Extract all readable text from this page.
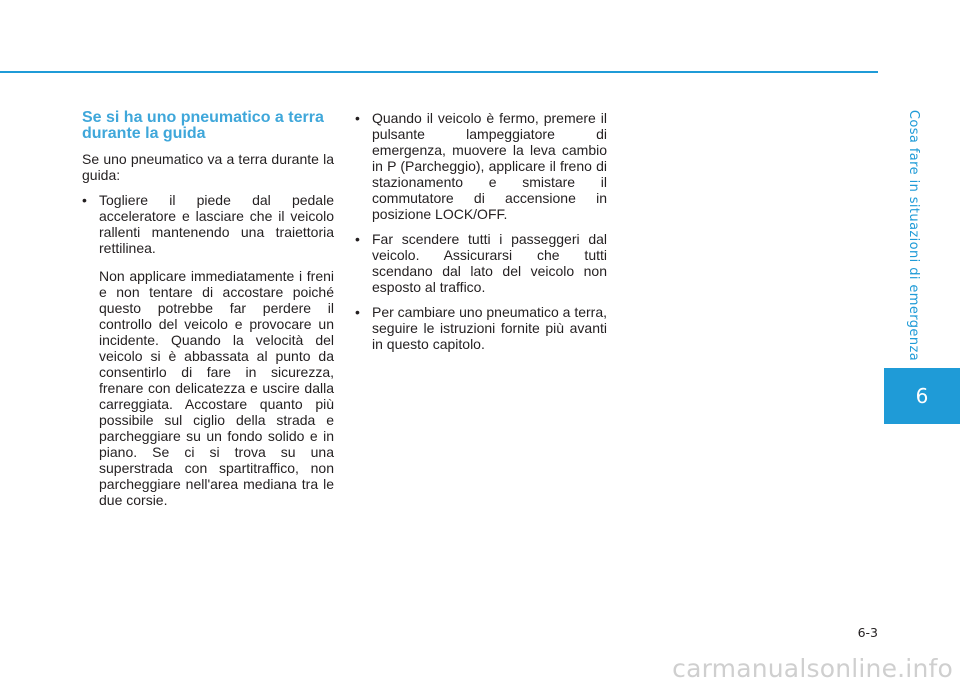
Cosa fare in situazioni di emergenza
6
Se si ha uno pneumatico a terra durante la guida

Se uno pneumatico va a terra durante la guida:

• Togliere il piede dal pedale acceleratore e lasciare che il veicolo rallenti mantenendo una traiettoria rettilinea.

Non applicare immediatamente i freni e non tentare di accostare poiché questo potrebbe far perdere il controllo del veicolo e provocare un incidente. Quando la velocità del veicolo si è abbassata al punto da consentirlo di fare in sicurezza, frenare con delicatezza e uscire dalla carreggiata. Accostare quanto più possibile sul ciglio della strada e parcheggiare su un fondo solido e in piano. Se ci si trova su una superstrada con spartitraffico, non parcheggiare nell'area mediana tra le due corsie.

• Quando il veicolo è fermo, premere il pulsante lampeggiatore di emergenza, muovere la leva cambio in P (Parcheggio), applicare il freno di stazionamento e smistare il commutatore di accensione in posizione LOCK/OFF.

• Far scendere tutti i passeggeri dal veicolo. Assicurarsi che tutti scendano dal lato del veicolo non esposto al traffico.

• Per cambiare uno pneumatico a terra, seguire le istruzioni fornite più avanti in questo capitolo.

6-3
carmanualsonline.info
